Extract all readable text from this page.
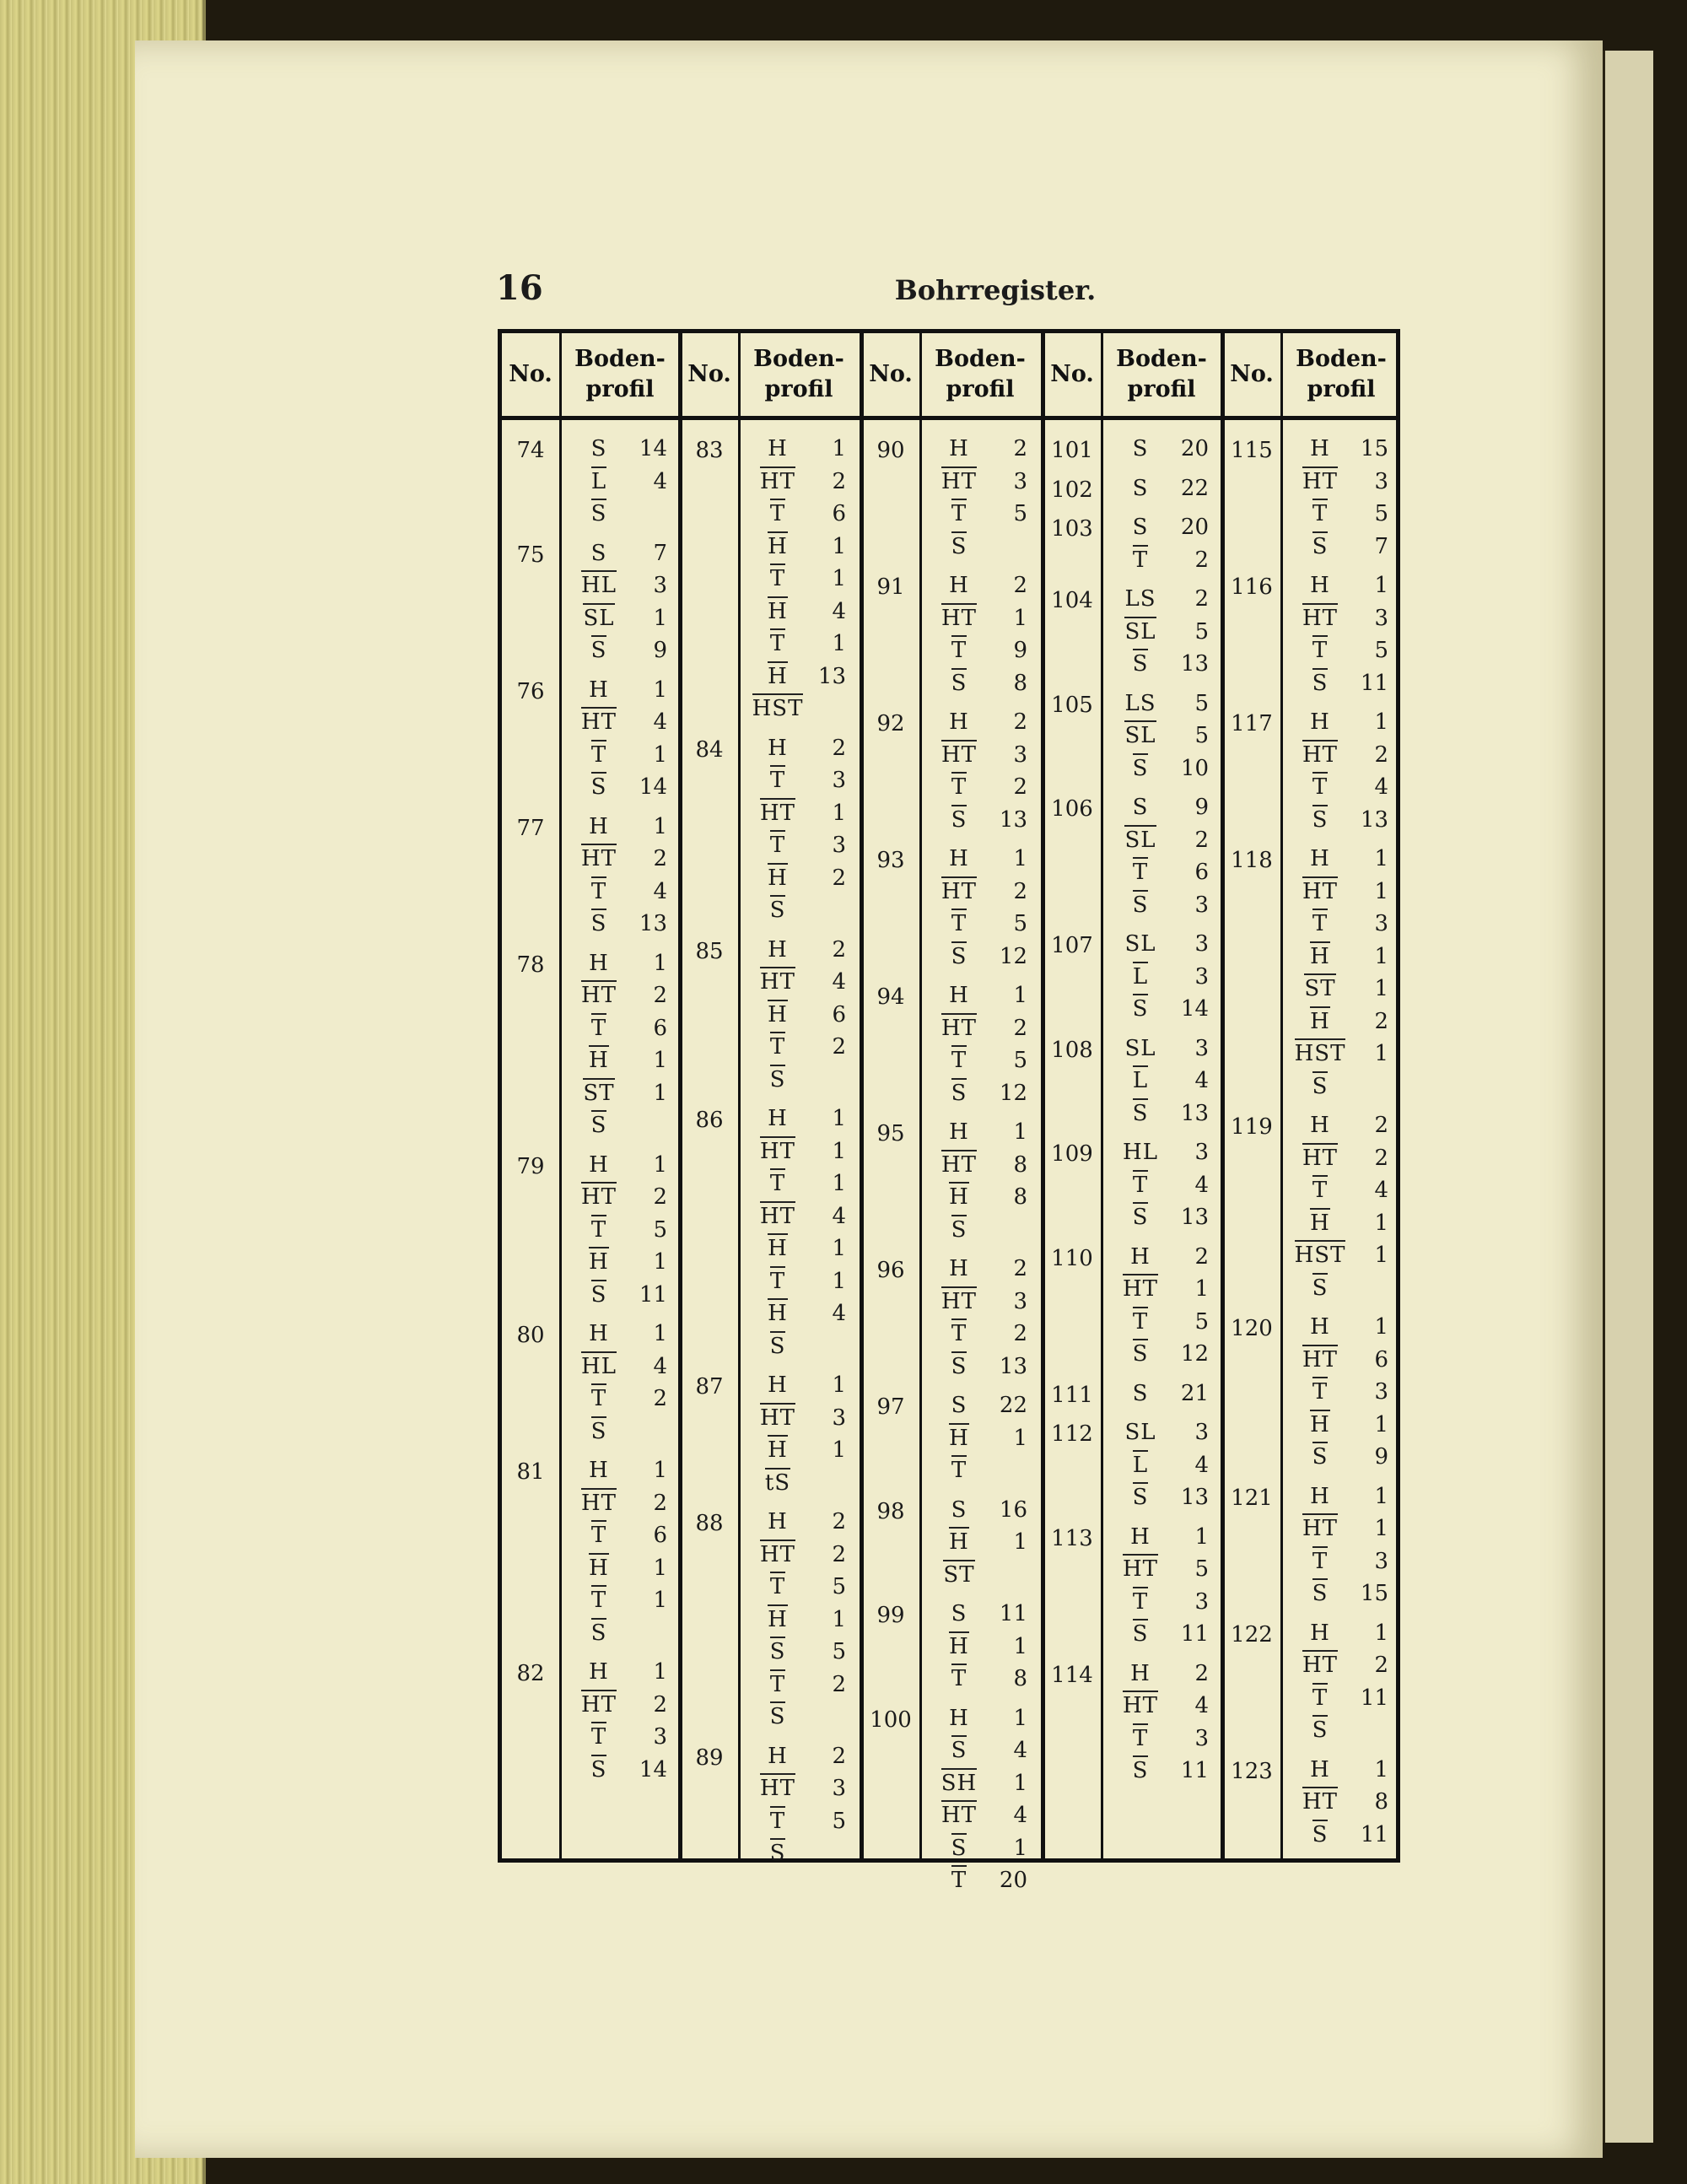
16	Bohrregister.
No.
Boden-
profil
74	S	14
L	4
S
75	S	7
HL	3
SL	1
S	9
76	H	1
HT	4
T	1
S	14
77	H	1
HT	2
T	4
S	13
78	H	1
HT	2
T	6
H	1
ST	1
S
79	H	1
HT	2
T	5
H	1
S	11
80	H	1
HL	4
T	2
S
81	H	1
HT	2
T	6
H	1
T	1
S
82	H	1
HT	2
T	3
S	14
No.
Boden-
profil
83	H	1
HT	2
T	6
H	1
T	1
H	4
T	1
H	13
HST
84	H	2
T	3
HT	1
T	3
H	2
S
85	H	2
HT	4
H	6
T	2
S
86	H	1
HT	1
T	1
HT	4
H	1
T	1
H	4
S
87	H	1
HT	3
H	1
tS
88	H	2
HT	2
T	5
H	1
S	5
T	2
S
89	H	2
HT	3
T	5
S
No.
Boden-
profil
90	H	2
HT	3
T	5
S
91	H	2
HT	1
T	9
S	8
92	H	2
HT	3
T	2
S	13
93	H	1
HT	2
T	5
S	12
94	H	1
HT	2
T	5
S	12
95	H	1
HT	8
H	8
S
96	H	2
HT	3
T	2
S	13
97	S	22
H	1
T
98	S	16
H	1
ST
99	S	11
H	1
T	8
100	H	1
S	4
SH	1
HT	4
S	1
T	20
No.
Boden-
profil
101	S	20
102	S	22
103	S	20
T	2
104	LS	2
SL	5
S	13
105	LS	5
SL	5
S	10
106	S	9
SL	2
T	6
S	3
107	SL	3
L	3
S	14
108	SL	3
L	4
S	13
109	HL	3
T	4
S	13
110	H	2
HT	1
T	5
S	12
111	S	21
112	SL	3
L	4
S	13
113	H	1
HT	5
T	3
S	11
114	H	2
HT	4
T	3
S	11
No.
Boden-
profil
115	H	15
HT	3
T	5
S	7
116	H	1
HT	3
T	5
S	11
117	H	1
HT	2
T	4
S	13
118	H	1
HT	1
T	3
H	1
ST	1
H	2
HST	1
S
119	H	2
HT	2
T	4
H	1
HST	1
S
120	H	1
HT	6
T	3
H	1
S	9
121	H	1
HT	1
T	3
S	15
122	H	1
HT	2
T	11
S
123	H	1
HT	8
S	11
